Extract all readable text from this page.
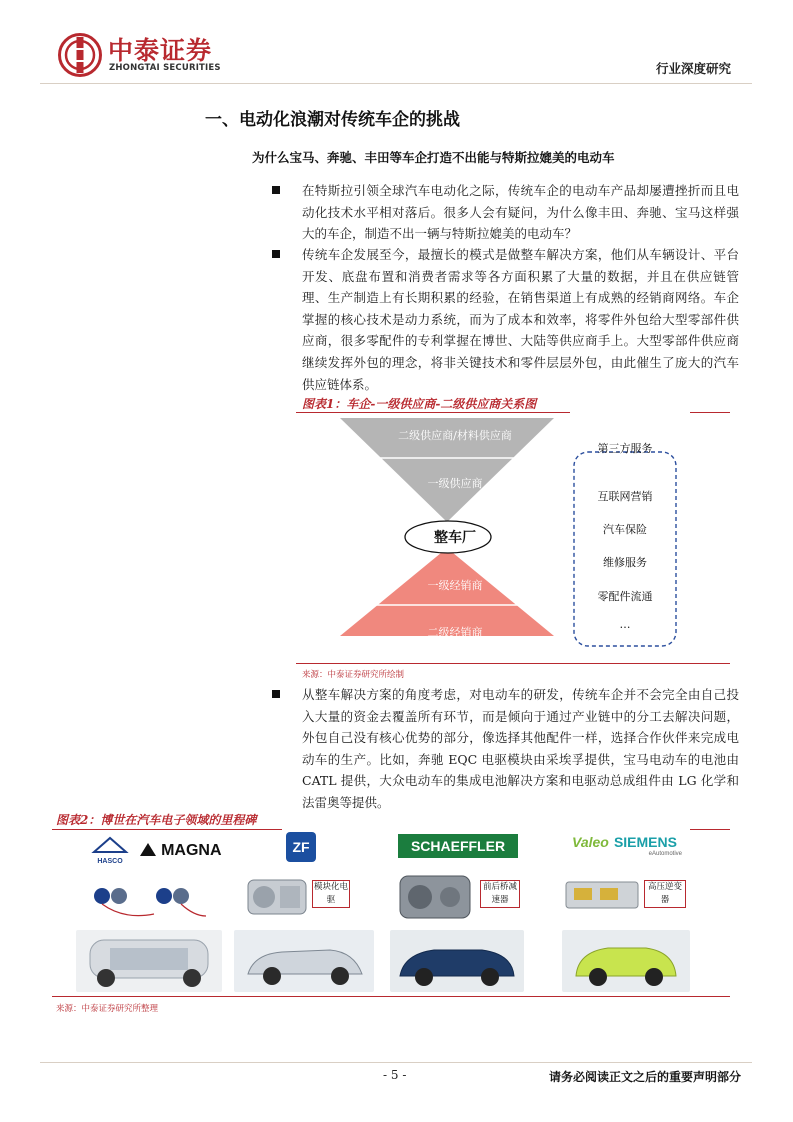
中泰证券
ZHONGTAI SECURITIES	行业深度研究
一、电动化浪潮对传统车企的挑战
为什么宝马、奔驰、丰田等车企打造不出能与特斯拉媲美的电动车
在特斯拉引领全球汽车电动化之际，传统车企的电动车产品却屡遭挫折而且电动化技术水平相对落后。很多人会有疑问，为什么像丰田、奔驰、宝马这样强大的车企，制造不出一辆与特斯拉媲美的电动车？
传统车企发展至今，最擅长的模式是做整车解决方案，他们从车辆设计、平台开发、底盘布置和消费者需求等各方面积累了大量的数据，并且在供应链管理、生产制造上有长期积累的经验，在销售渠道上有成熟的经销商网络。车企掌握的核心技术是动力系统，而为了成本和效率，将零件外包给大型零部件供应商，很多零配件的专利掌握在博世、大陆等供应商手上。大型零部件供应商继续发挥外包的理念，将非关键技术和零件层层外包，由此催生了庞大的汽车供应链体系。
图表1：车企-一级供应商-二级供应商关系图
二级供应商/材料供应商
一级供应商
整车厂
一级经销商
二级经销商
第三方服务
互联网营销
汽车保险
维修服务
零配件流通
…
来源：中泰证券研究所绘制
从整车解决方案的角度考虑，对电动车的研发，传统车企并不会完全由自己投入大量的资金去覆盖所有环节，而是倾向于通过产业链中的分工去解决问题，外包自己没有核心优势的部分，像选择其他配件一样，选择合作伙伴来完成电动车的生产。比如，奔驰 EQC 电驱模块由采埃孚提供，宝马电动车的电池由 CATL 提供，大众电动车的集成电池解决方案和电驱动总成组件由 LG 化学和法雷奥等提供。
图表2：博世在汽车电子领域的里程碑
HASCO
MAGNA	ZF
模块化电驱
SCHAEFFLER
前后桥减速器
Valeo SIEMENS
eAutomotive
高压逆变器
来源：中泰证券研究所整理
- 5 -	请务必阅读正文之后的重要声明部分
